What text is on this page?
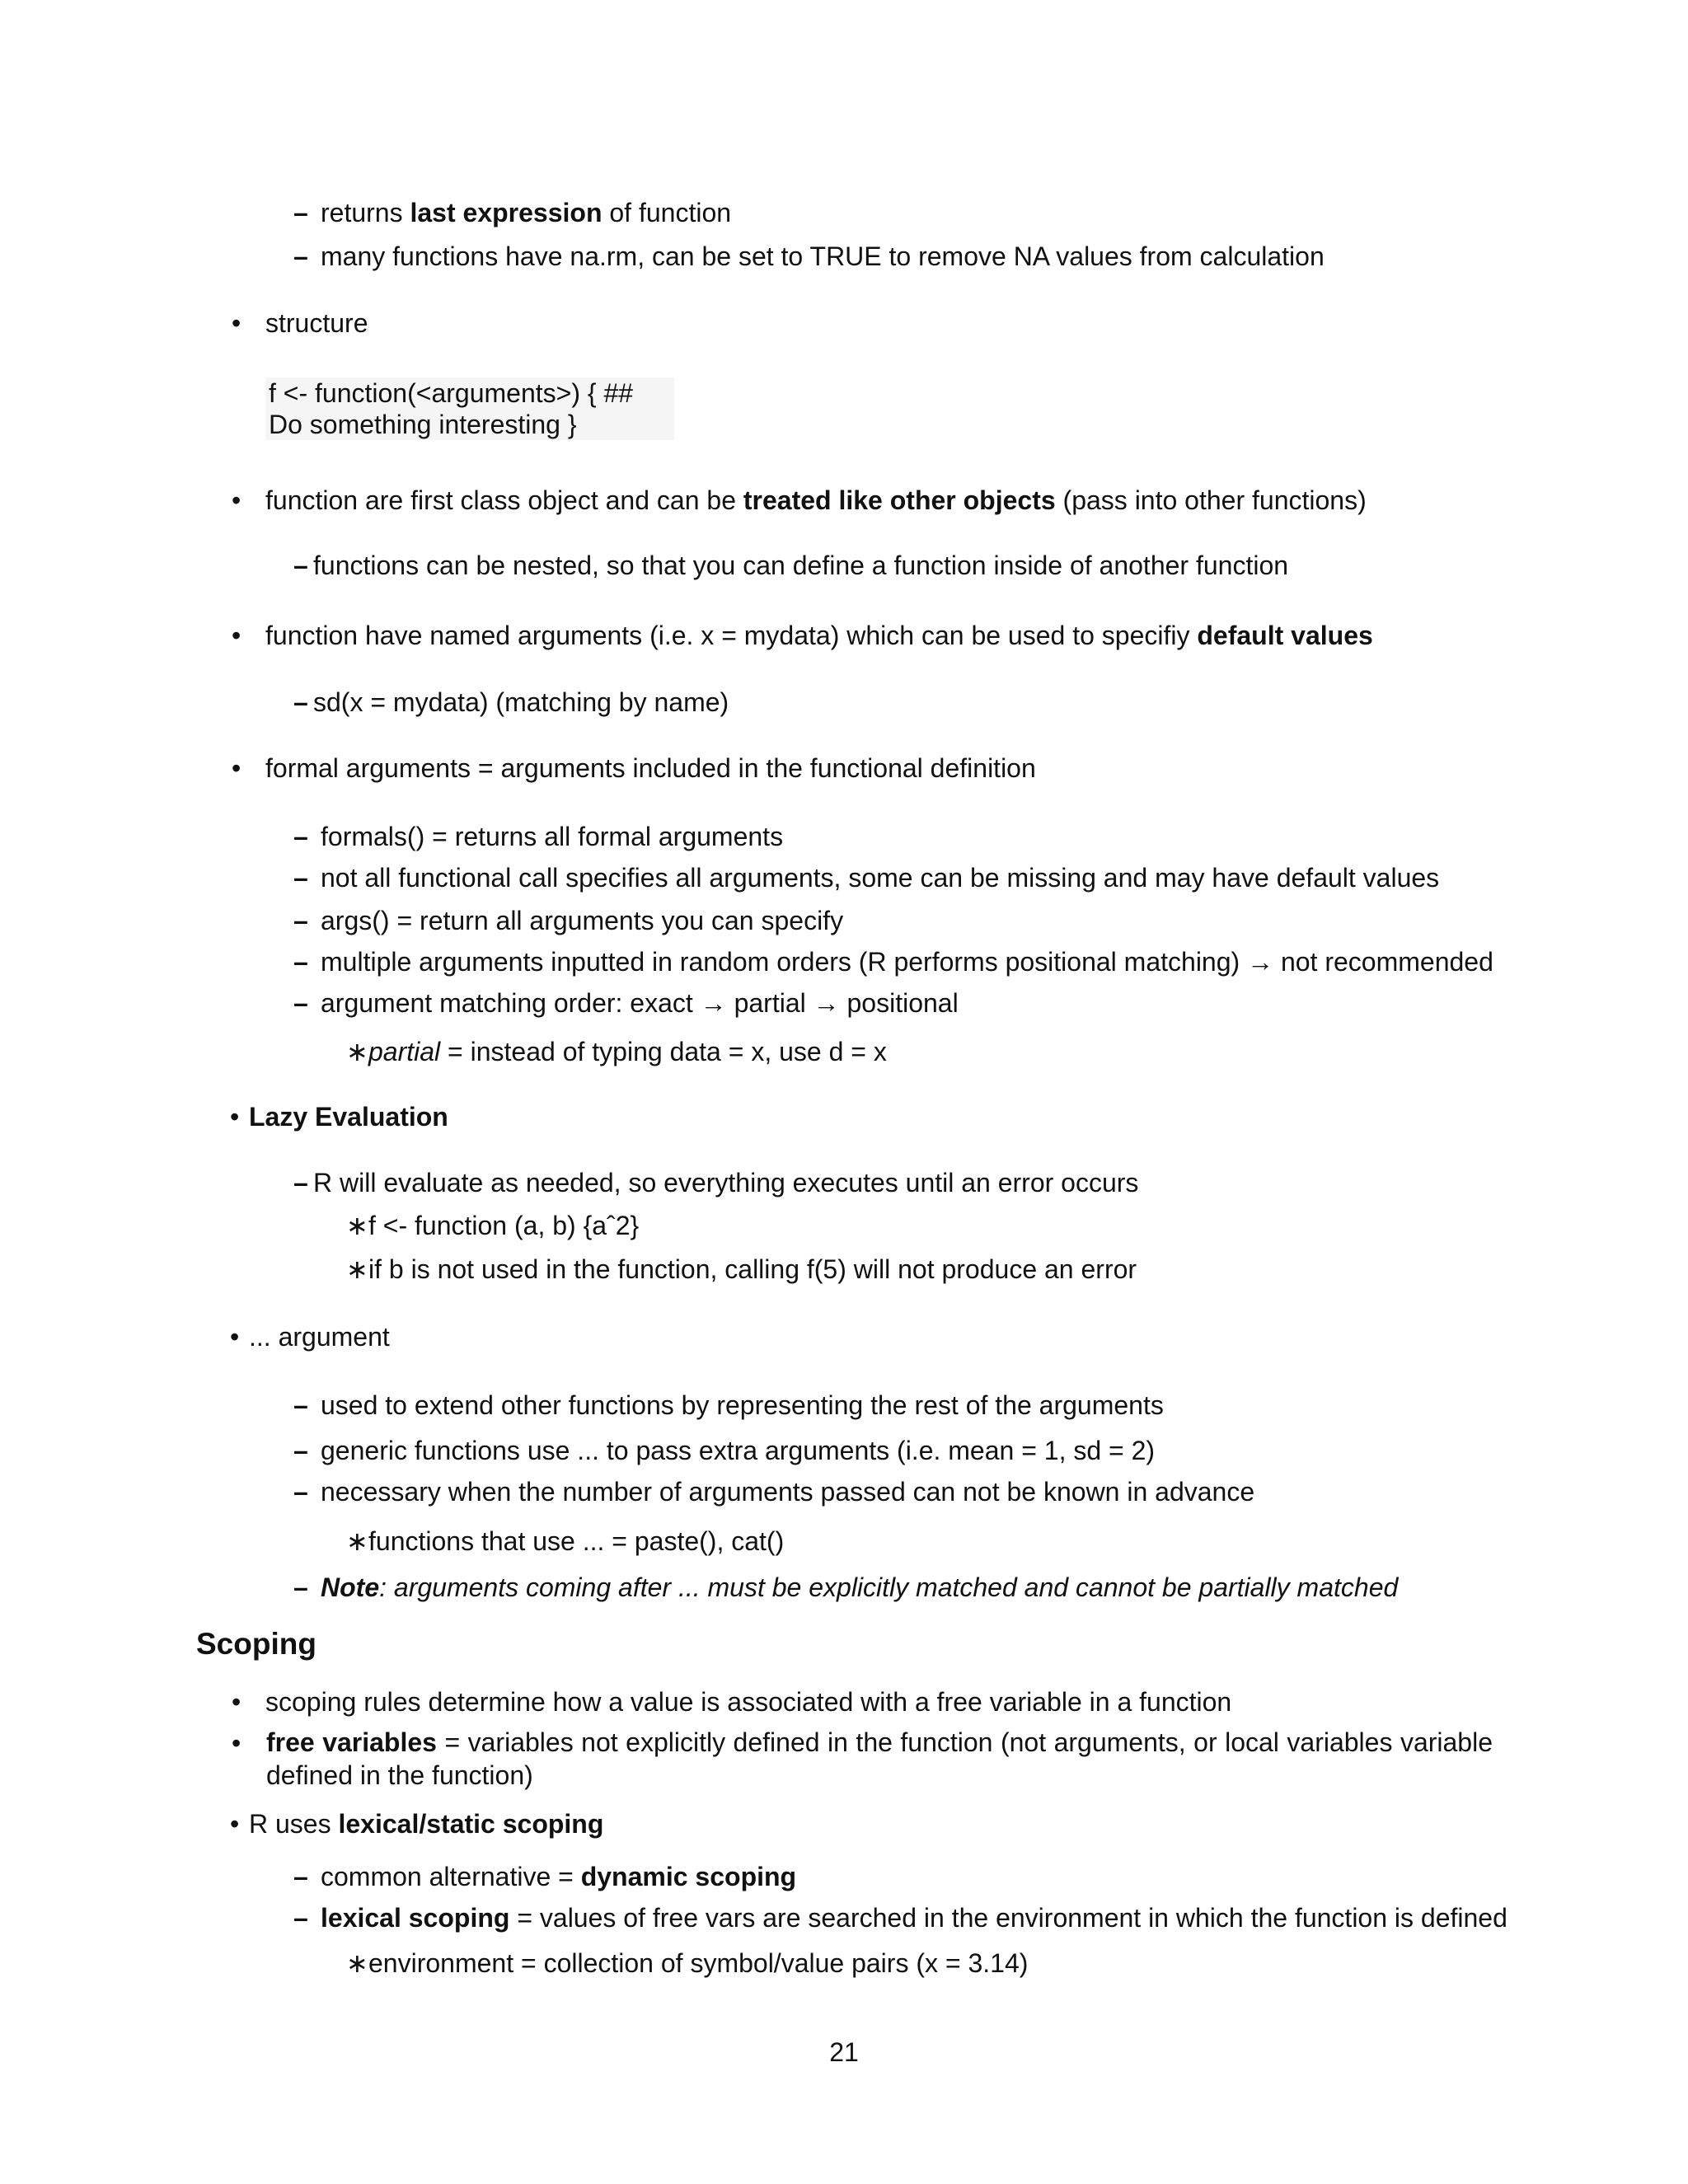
– returns last expression of function
– many functions have na.rm, can be set to TRUE to remove NA values from calculation
• structure
f <- function(<arguments>) { ## Do something interesting }
• function are first class object and can be treated like other objects (pass into other functions)
– functions can be nested, so that you can define a function inside of another function
• function have named arguments (i.e. x = mydata) which can be used to specifiy default values
– sd(x = mydata) (matching by name)
• formal arguments = arguments included in the functional definition
– formals() = returns all formal arguments
– not all functional call specifies all arguments, some can be missing and may have default values
– args() = return all arguments you can specify
– multiple arguments inputted in random orders (R performs positional matching) → not recommended
– argument matching order: exact → partial → positional
∗ partial = instead of typing data = x, use d = x
• Lazy Evaluation
– R will evaluate as needed, so everything executes until an error occurs
∗ f <- function (a, b) {aˆ2}
∗ if b is not used in the function, calling f(5) will not produce an error
• ... argument
– used to extend other functions by representing the rest of the arguments
– generic functions use ... to pass extra arguments (i.e. mean = 1, sd = 2)
– necessary when the number of arguments passed can not be known in advance
∗ functions that use ... = paste(), cat()
– Note: arguments coming after ... must be explicitly matched and cannot be partially matched
Scoping
• scoping rules determine how a value is associated with a free variable in a function
• free variables = variables not explicitly defined in the function (not arguments, or local variables variable defined in the function)
• R uses lexical/static scoping
– common alternative = dynamic scoping
– lexical scoping = values of free vars are searched in the environment in which the function is defined
∗ environment = collection of symbol/value pairs (x = 3.14)
21
